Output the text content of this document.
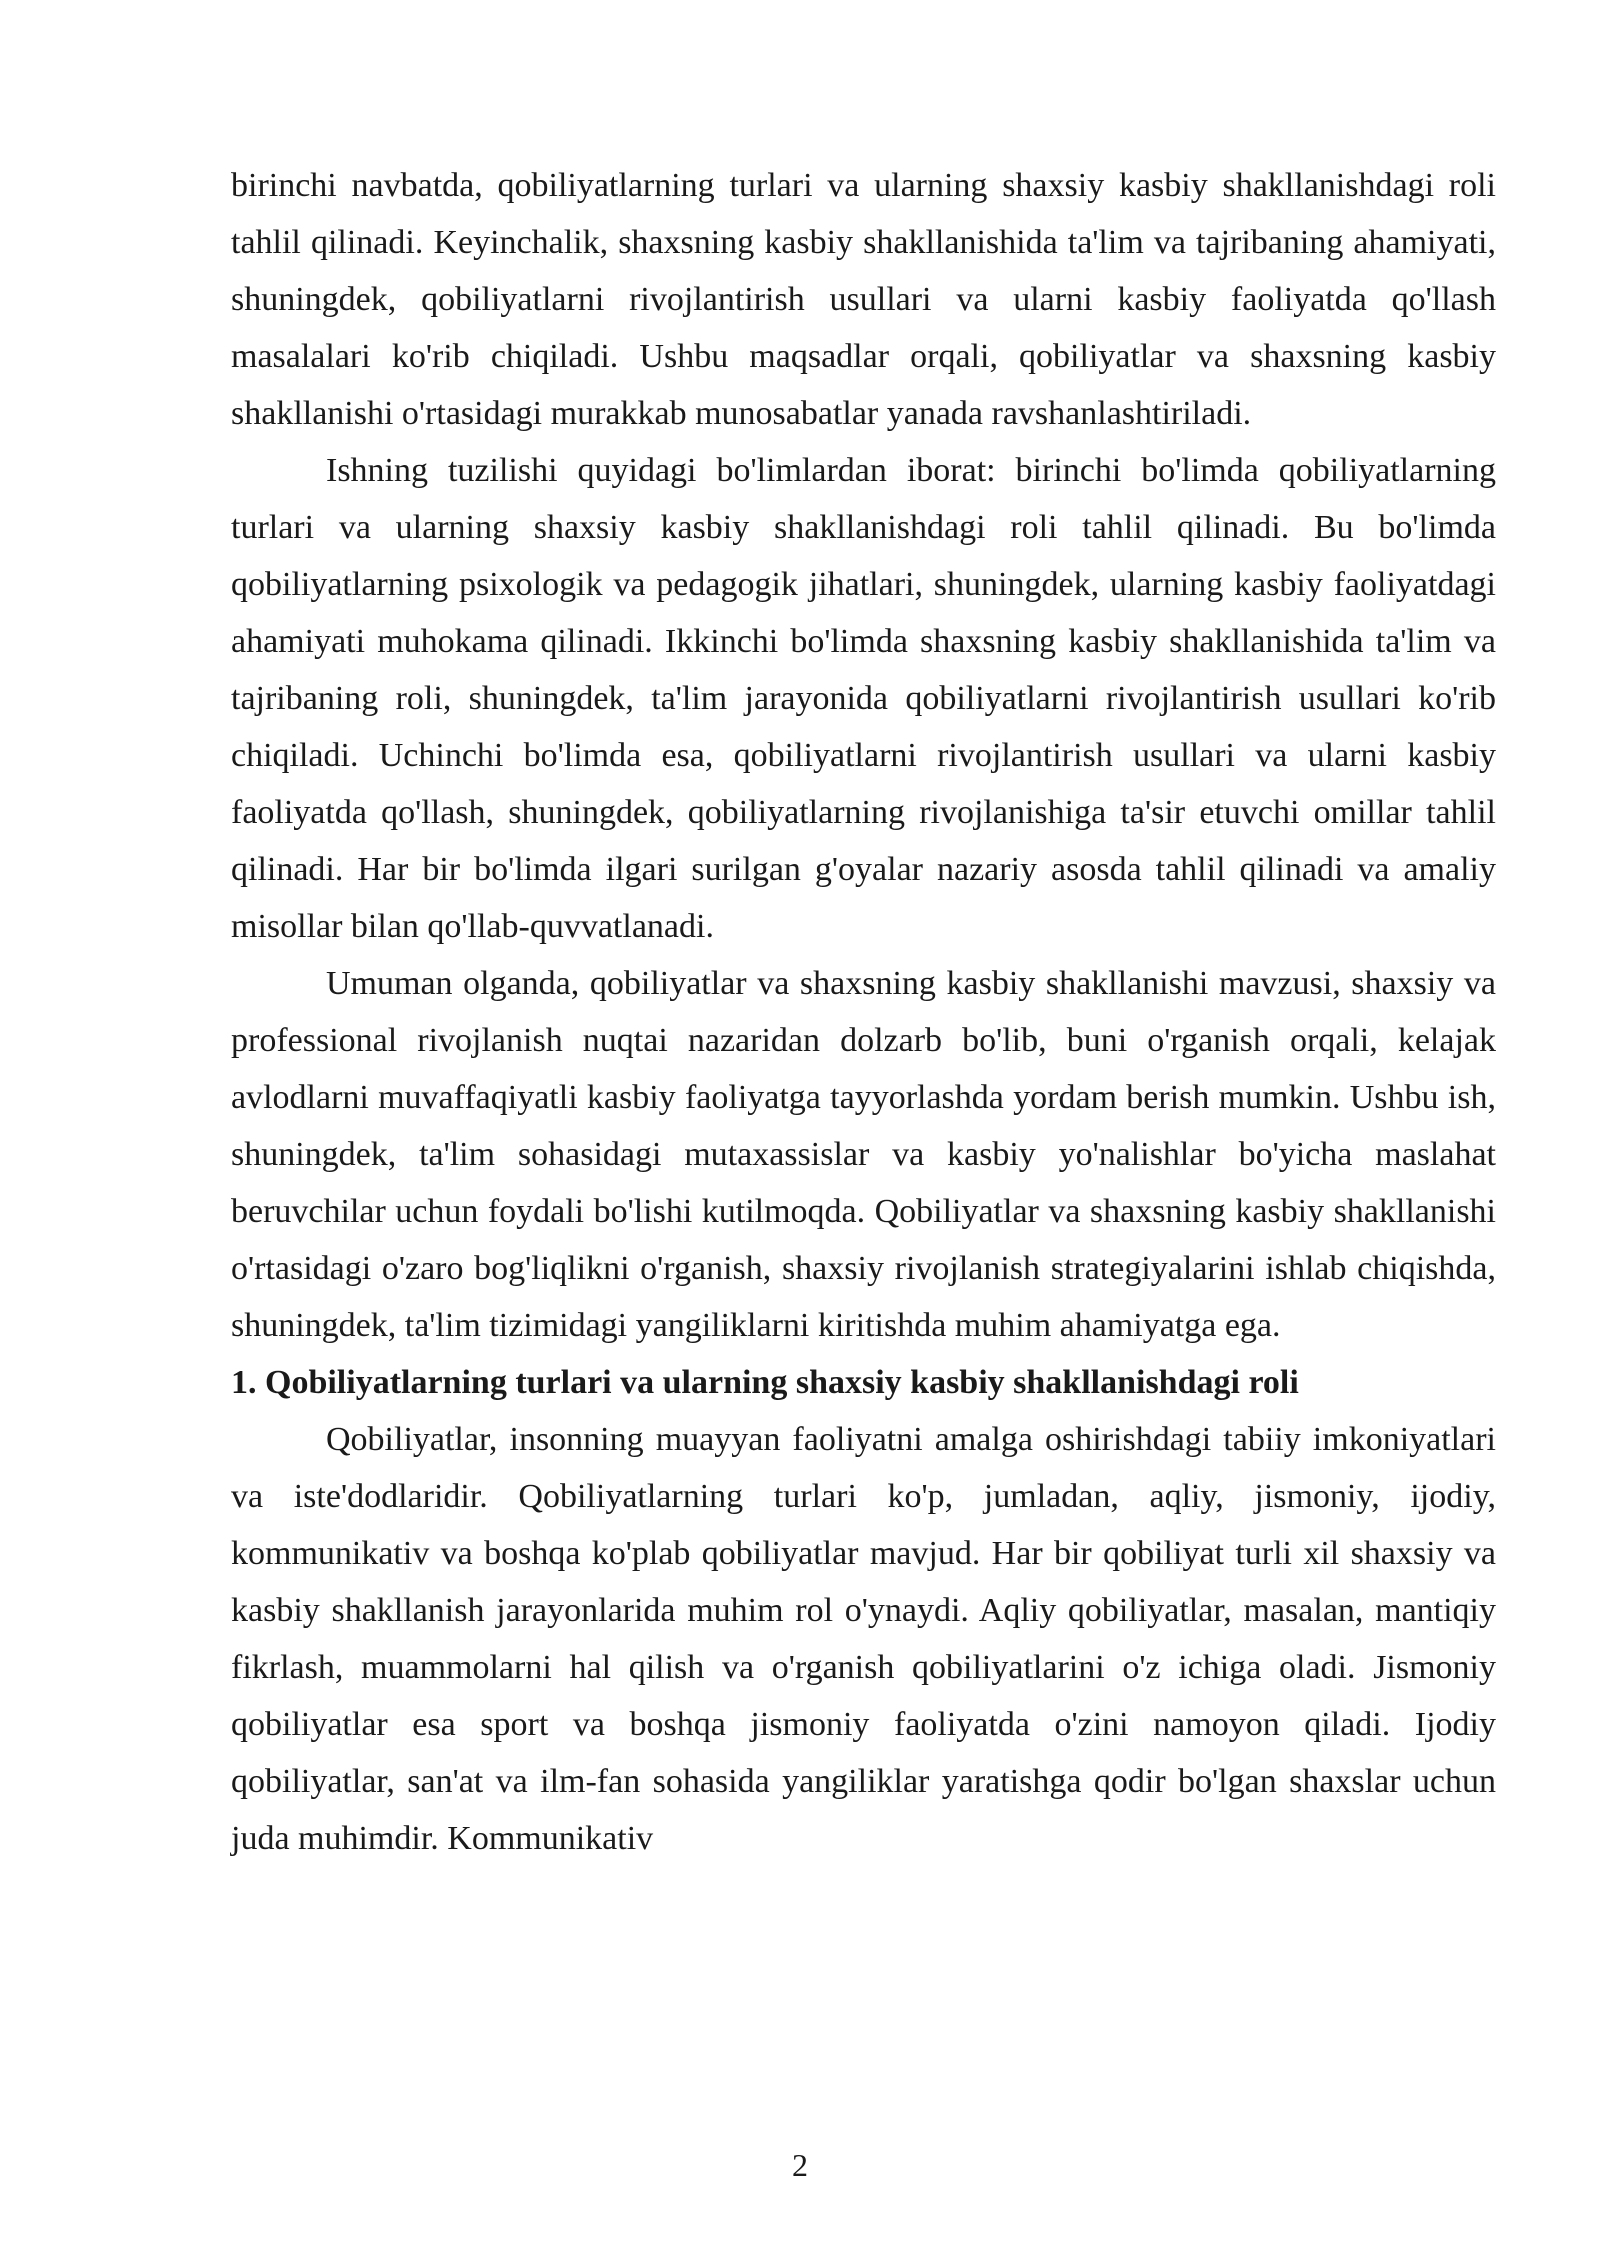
birinchi navbatda, qobiliyatlarning turlari va ularning shaxsiy kasbiy shakllanishdagi roli tahlil qilinadi. Keyinchalik, shaxsning kasbiy shakllanishida ta'lim va tajribaning ahamiyati, shuningdek, qobiliyatlarni rivojlantirish usullari va ularni kasbiy faoliyatda qo'llash masalalari ko'rib chiqiladi. Ushbu maqsadlar orqali, qobiliyatlar va shaxsning kasbiy shakllanishi o'rtasidagi murakkab munosabatlar yanada ravshanlashtiriladi.

Ishning tuzilishi quyidagi bo'limlardan iborat: birinchi bo'limda qobiliyatlarning turlari va ularning shaxsiy kasbiy shakllanishdagi roli tahlil qilinadi. Bu bo'limda qobiliyatlarning psixologik va pedagogik jihatlari, shuningdek, ularning kasbiy faoliyatdagi ahamiyati muhokama qilinadi. Ikkinchi bo'limda shaxsning kasbiy shakllanishida ta'lim va tajribaning roli, shuningdek, ta'lim jarayonida qobiliyatlarni rivojlantirish usullari ko'rib chiqiladi. Uchinchi bo'limda esa, qobiliyatlarni rivojlantirish usullari va ularni kasbiy faoliyatda qo'llash, shuningdek, qobiliyatlarning rivojlanishiga ta'sir etuvchi omillar tahlil qilinadi. Har bir bo'limda ilgari surilgan g'oyalar nazariy asosda tahlil qilinadi va amaliy misollar bilan qo'llab-quvvatlanadi.

Umuman olganda, qobiliyatlar va shaxsning kasbiy shakllanishi mavzusi, shaxsiy va professional rivojlanish nuqtai nazaridan dolzarb bo'lib, buni o'rganish orqali, kelajak avlodlarni muvaffaqiyatli kasbiy faoliyatga tayyorlashda yordam berish mumkin. Ushbu ish, shuningdek, ta'lim sohasidagi mutaxassislar va kasbiy yo'nalishlar bo'yicha maslahat beruvchilar uchun foydali bo'lishi kutilmoqda. Qobiliyatlar va shaxsning kasbiy shakllanishi o'rtasidagi o'zaro bog'liqlikni o'rganish, shaxsiy rivojlanish strategiyalarini ishlab chiqishda, shuningdek, ta'lim tizimidagi yangiliklarni kiritishda muhim ahamiyatga ega.

1. Qobiliyatlarning turlari va ularning shaxsiy kasbiy shakllanishdagi roli

Qobiliyatlar, insonning muayyan faoliyatni amalga oshirishdagi tabiiy imkoniyatlari va iste'dodlaridir. Qobiliyatlarning turlari ko'p, jumladan, aqliy, jismoniy, ijodiy, kommunikativ va boshqa ko'plab qobiliyatlar mavjud. Har bir qobiliyat turli xil shaxsiy va kasbiy shakllanish jarayonlarida muhim rol o'ynaydi. Aqliy qobiliyatlar, masalan, mantiqiy fikrlash, muammolarni hal qilish va o'rganish qobiliyatlarini o'z ichiga oladi. Jismoniy qobiliyatlar esa sport va boshqa jismoniy faoliyatda o'zini namoyon qiladi. Ijodiy qobiliyatlar, san'at va ilm-fan sohasida yangiliklar yaratishga qodir bo'lgan shaxslar uchun juda muhimdir. Kommunikativ

2
